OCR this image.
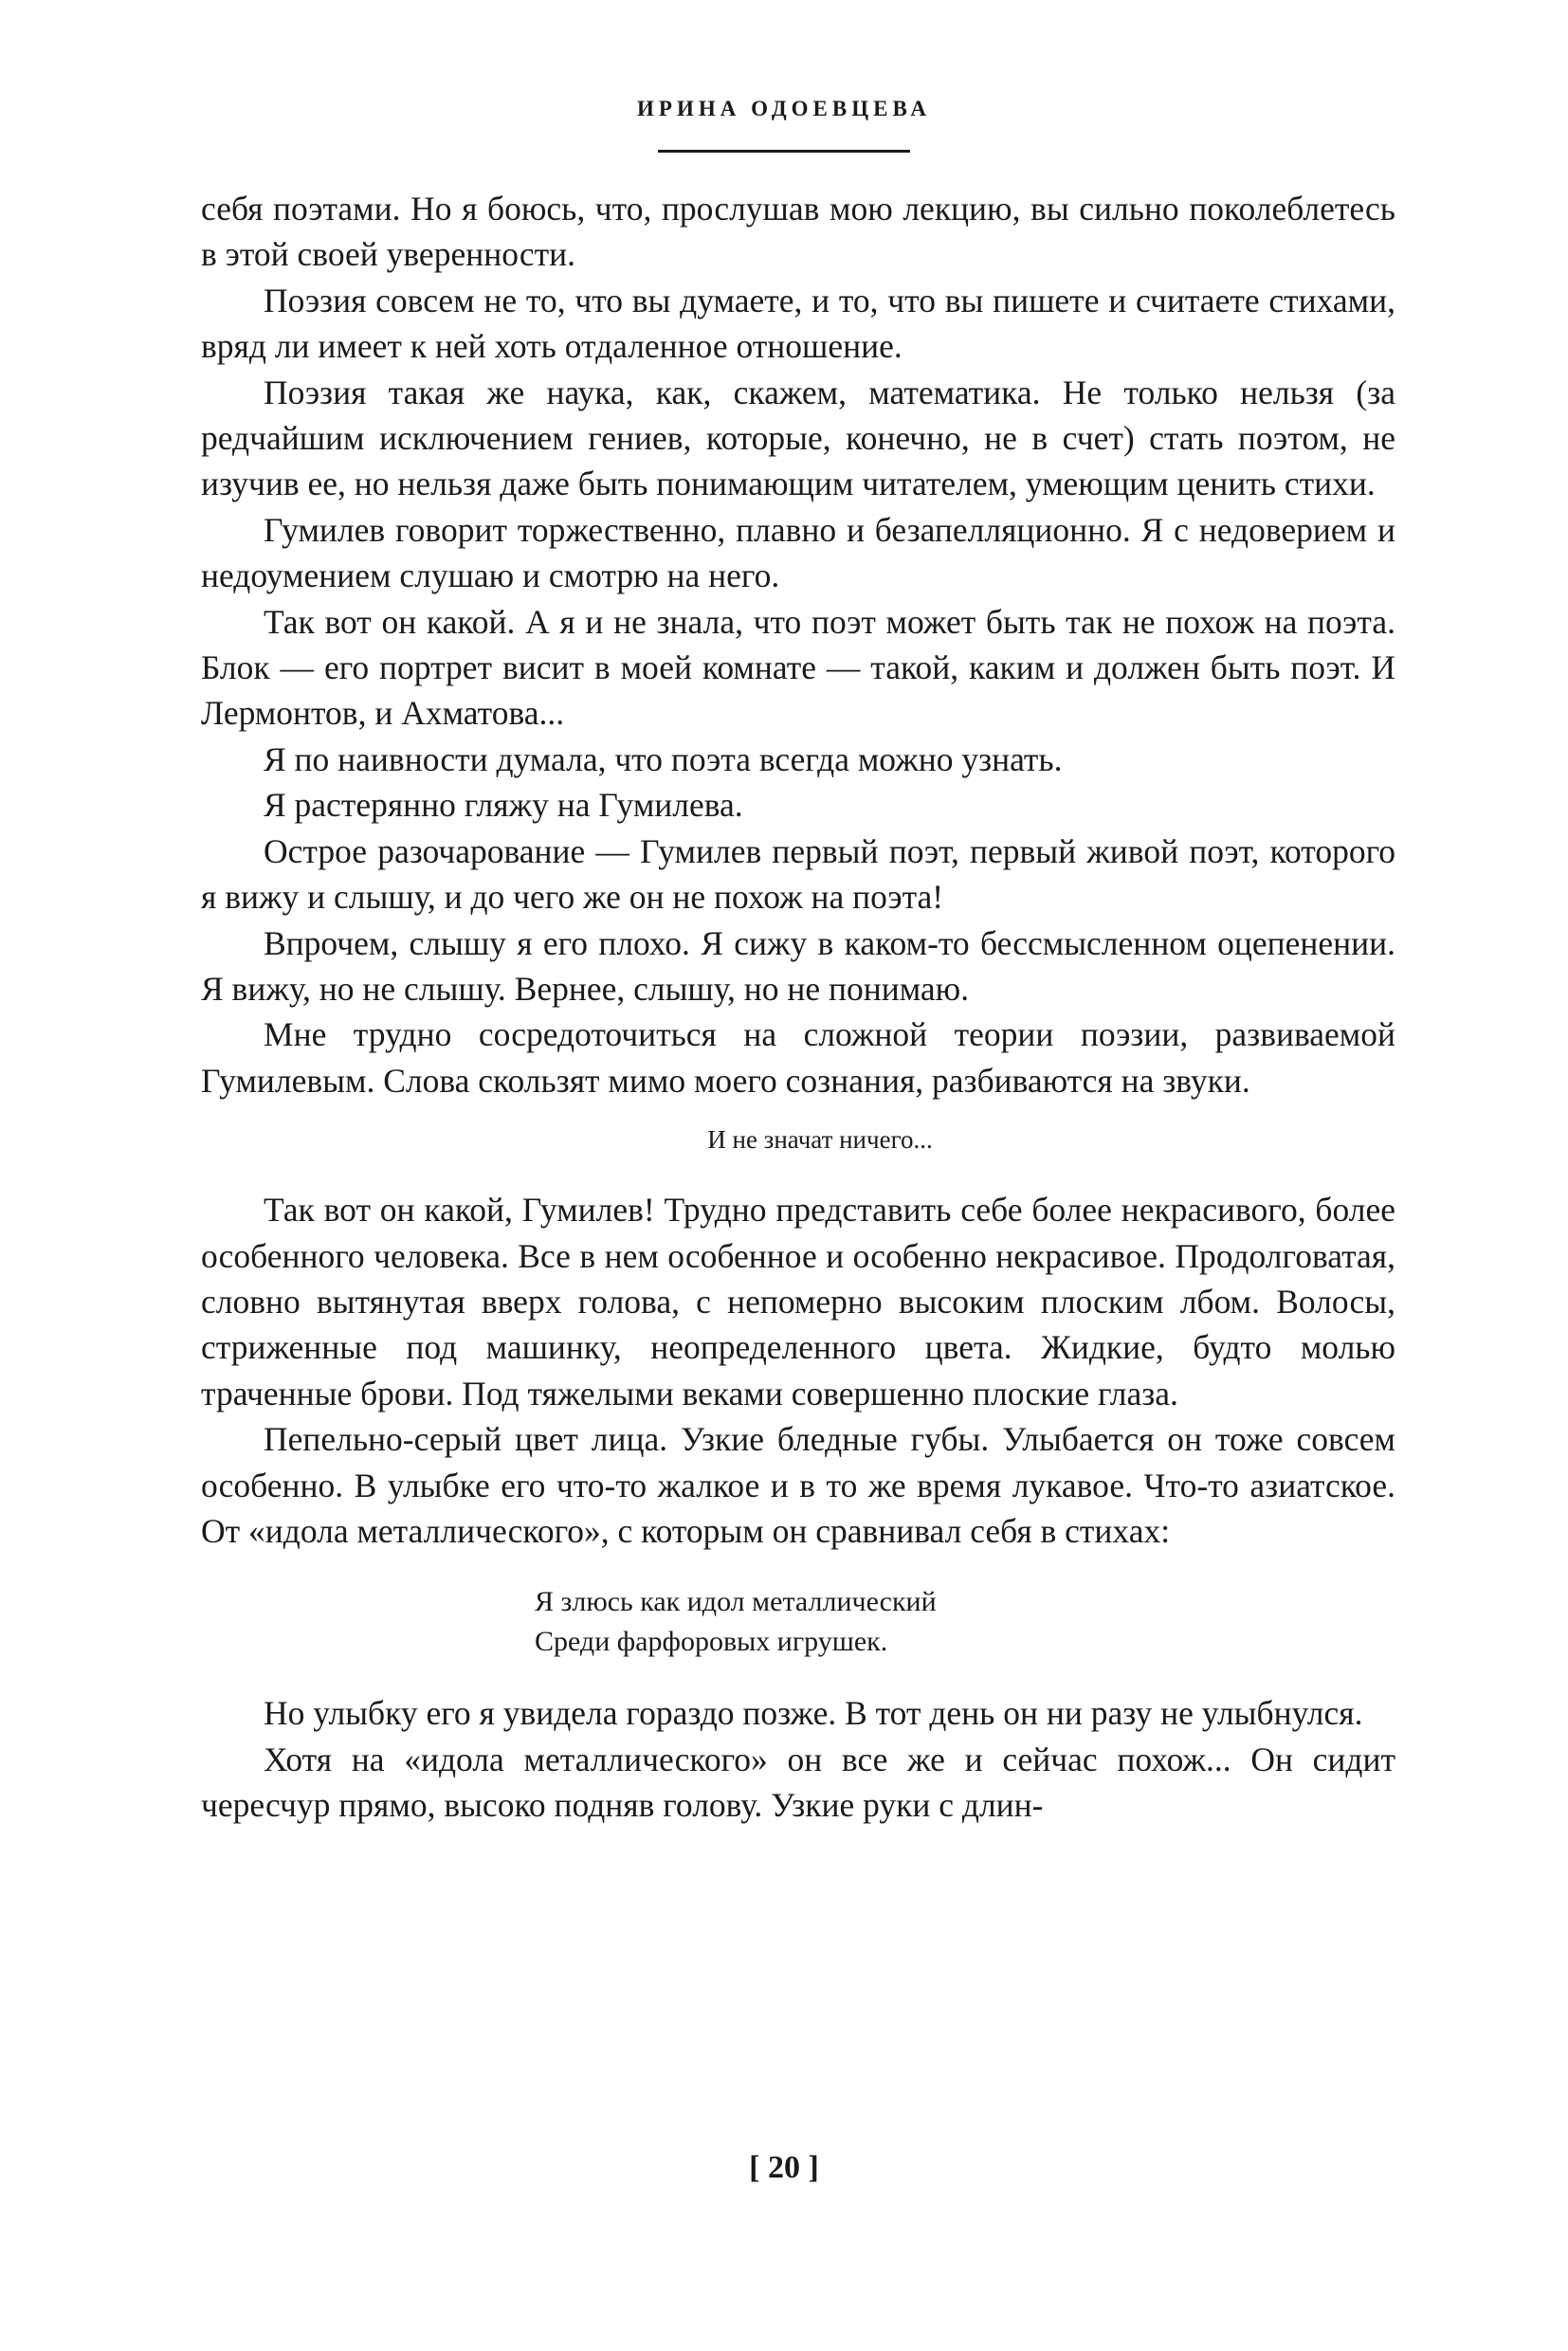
ИРИНА ОДОЕВЦЕВА

себя поэтами. Но я боюсь, что, прослушав мою лекцию, вы сильно поколеблетесь в этой своей уверенности.

Поэзия совсем не то, что вы думаете, и то, что вы пишете и считаете стихами, вряд ли имеет к ней хоть отдаленное отношение.

Поэзия такая же наука, как, скажем, математика. Не только нельзя (за редчайшим исключением гениев, которые, конечно, не в счет) стать поэтом, не изучив ее, но нельзя даже быть понимающим читателем, умеющим ценить стихи.

Гумилев говорит торжественно, плавно и безапелляционно. Я с недоверием и недоумением слушаю и смотрю на него.

Так вот он какой. А я и не знала, что поэт может быть так не похож на поэта. Блок — его портрет висит в моей комнате — такой, каким и должен быть поэт. И Лермонтов, и Ахматова...

Я по наивности думала, что поэта всегда можно узнать.

Я растерянно гляжу на Гумилева.

Острое разочарование — Гумилев первый поэт, первый живой поэт, которого я вижу и слышу, и до чего же он не похож на поэта!

Впрочем, слышу я его плохо. Я сижу в каком-то бессмысленном оцепенении. Я вижу, но не слышу. Вернее, слышу, но не понимаю.

Мне трудно сосредоточиться на сложной теории поэзии, развиваемой Гумилевым. Слова скользят мимо моего сознания, разбиваются на звуки.

И не значат ничего...

Так вот он какой, Гумилев! Трудно представить себе более некрасивого, более особенного человека. Все в нем особенное и особенно некрасивое. Продолговатая, словно вытянутая вверх голова, с непомерно высоким плоским лбом. Волосы, стриженные под машинку, неопределенного цвета. Жидкие, будто молью траченные брови. Под тяжелыми веками совершенно плоские глаза.

Пепельно-серый цвет лица. Узкие бледные губы. Улыбается он тоже совсем особенно. В улыбке его что-то жалкое и в то же время лукавое. Что-то азиатское. От «идола металлического», с которым он сравнивал себя в стихах:

Я злюсь как идол металлический
Среди фарфоровых игрушек.

Но улыбку его я увидела гораздо позже. В тот день он ни разу не улыбнулся.

Хотя на «идола металлического» он все же и сейчас похож... Он сидит чересчур прямо, высоко подняв голову. Узкие руки с длин-

[ 20 ]
